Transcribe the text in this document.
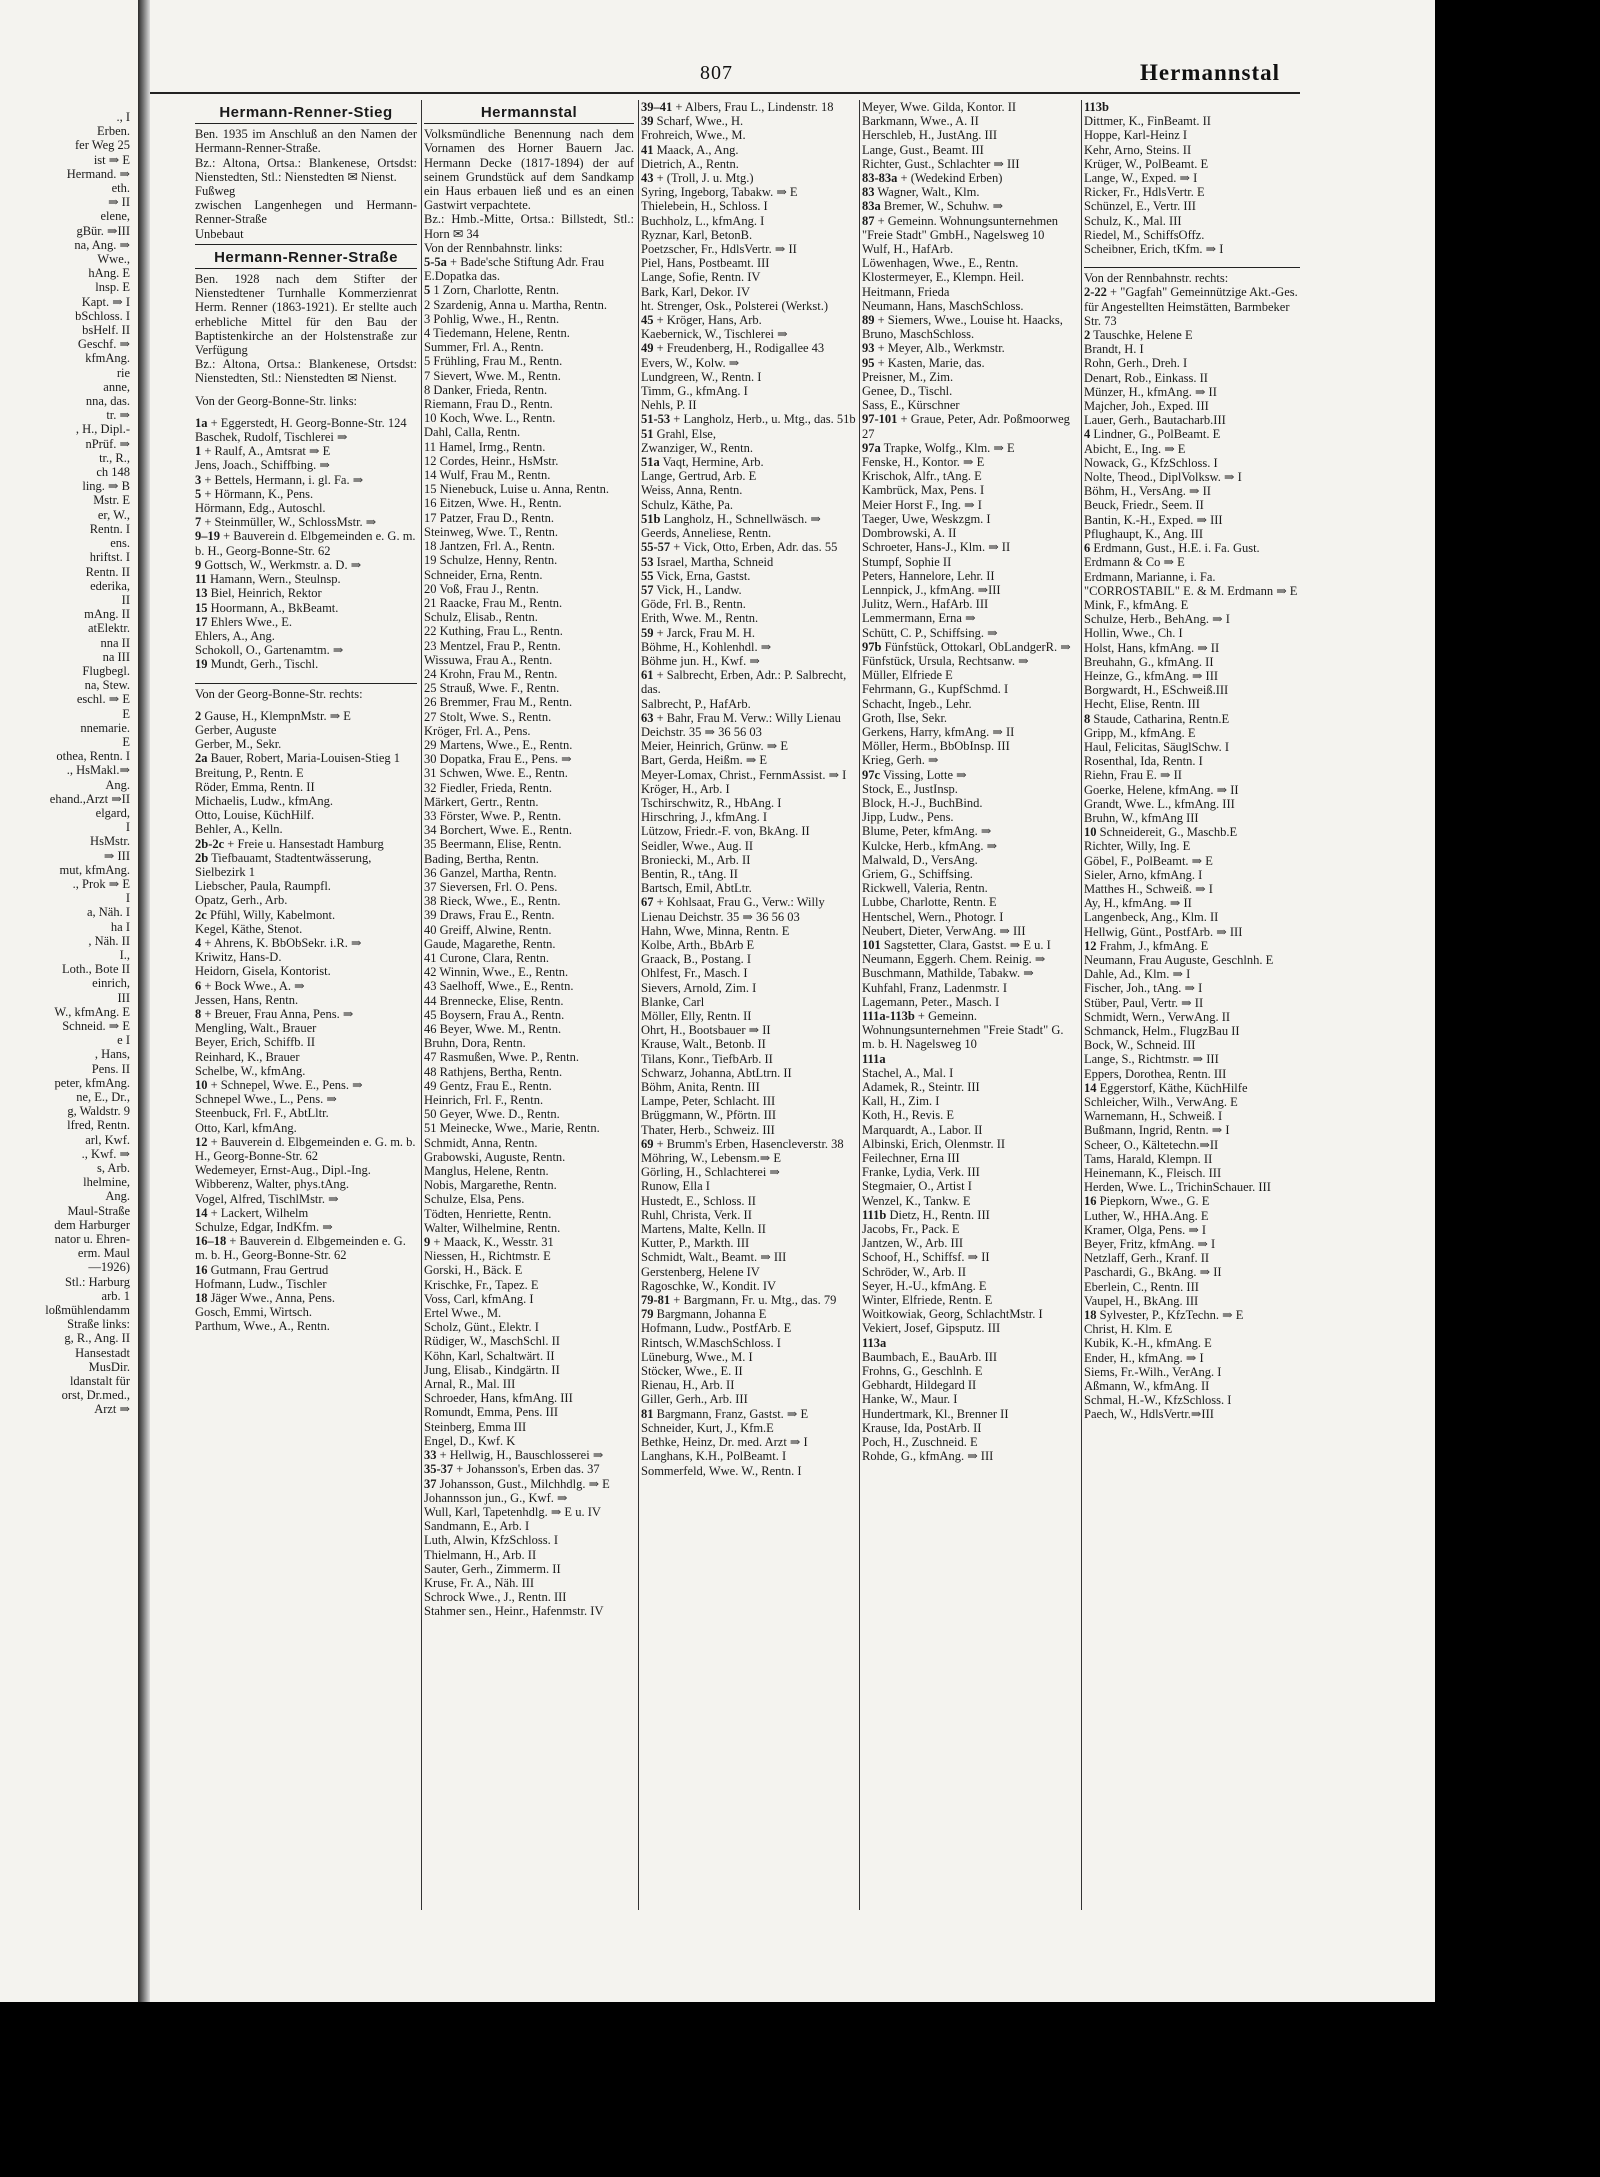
807	Hermannstal

., I

Erben.

fer Weg 25

ist ⇒ E

Hermand. ⇒

eth.

⇒ II

elene,

gBür. ⇒III

na, Ang. ⇒

Wwe.,

hAng. E

lnsp. E

Kapt. ⇒ I

bSchloss. I

bsHelf. II

Geschf. ⇒

kfmAng.

rie

anne,

nna, das.

tr. ⇒

, H., Dipl.-

nPrüf. ⇒

tr., R.,

ch 148

ling. ⇒ B

Mstr. E

er, W.,

Rentn. I

ens.

hriftst. I

Rentn. II

ederika,

II

mAng. II

atElektr.

nna II

na III

Flugbegl.

na, Stew.

eschl. ⇒ E

E

nnemarie.

E

othea, Rentn. I

., HsMakl.⇒

Ang.

ehand.,Arzt ⇒II

elgard,

I

HsMstr.

⇒ III

mut, kfmAng.

., Prok ⇒ E

I

a, Näh. I

ha I

, Näh. II

I.,

Loth., Bote II

einrich,

III

W., kfmAng. E

Schneid. ⇒ E

e I

, Hans,

Pens. II

peter, kfmAng.

ne, E., Dr.,

g, Waldstr. 9

lfred, Rentn.

arl, Kwf.

., Kwf. ⇒

s, Arb.

lhelmine,

Ang.

Maul-Straße

dem Harburger

nator u. Ehren-

erm. Maul

—1926)

Stl.: Harburg

arb. 1

loßmühlendamm

Straße links:

g, R., Ang. II

Hansestadt

MusDir.

ldanstalt für

orst, Dr.med.,

Arzt ⇒

Hermann-Renner-Stieg

Ben. 1935 im Anschluß an den Namen der Hermann-Renner-Straße.

Bz.: Altona, Ortsa.: Blankenese, Ortsdst: Nienstedten, Stl.: Nienstedten ✉ Nienst.

Fußweg

zwischen Langenhegen und Hermann-Renner-Straße

Unbebaut

Hermann-Renner-Straße

Ben. 1928 nach dem Stifter der Nienstedtener Turnhalle Kommerzienrat Herm. Renner (1863-1921). Er stellte auch erhebliche Mittel für den Bau der Baptistenkirche an der Holstenstraße zur Verfügung

Bz.: Altona, Ortsa.: Blankenese, Ortsdst: Nienstedten, Stl.: Nienstedten ✉ Nienst.

Von der Georg-Bonne-Str. links:

1a + Eggerstedt, H. Georg-Bonne-Str. 124

Baschek, Rudolf, Tischlerei ⇒

1 + Raulf, A., Amtsrat ⇒ E

Jens, Joach., Schiffbing. ⇒

3 + Bettels, Hermann, i. gl. Fa. ⇒

5 + Hörmann, K., Pens.

Hörmann, Edg., Autoschl.

7 + Steinmüller, W., SchlossMstr. ⇒

9–19 + Bauverein d. Elbgemeinden e. G. m. b. H., Georg-Bonne-Str. 62

9 Gottsch, W., Werkmstr. a. D. ⇒

11 Hamann, Wern., Steulnsp.

13 Biel, Heinrich, Rektor

15 Hoormann, A., BkBeamt.

17 Ehlers Wwe., E.

Ehlers, A., Ang.

Schokoll, O., Gartenamtm. ⇒

19 Mundt, Gerh., Tischl.

Von der Georg-Bonne-Str. rechts:

2 Gause, H., KlempnMstr. ⇒ E

Gerber, Auguste

Gerber, M., Sekr.

2a Bauer, Robert, Maria-Louisen-Stieg 1

Breitung, P., Rentn. E

Röder, Emma, Rentn. II

Michaelis, Ludw., kfmAng.

Otto, Louise, KüchHilf.

Behler, A., Kelln.

2b-2c + Freie u. Hansestadt Hamburg

2b Tiefbauamt, Stadtentwässerung, Sielbezirk 1

Liebscher, Paula, Raumpfl.

Opatz, Gerh., Arb.

2c Pfühl, Willy, Kabelmont.

Kegel, Käthe, Stenot.

4 + Ahrens, K. BbObSekr. i.R. ⇒

Kriwitz, Hans-D.

Heidorn, Gisela, Kontorist.

6 + Bock Wwe., A. ⇒

Jessen, Hans, Rentn.

8 + Breuer, Frau Anna, Pens. ⇒

Mengling, Walt., Brauer

Beyer, Erich, Schiffb. II

Reinhard, K., Brauer

Schelbe, W., kfmAng.

10 + Schnepel, Wwe. E., Pens. ⇒

Schnepel Wwe., L., Pens. ⇒

Steenbuck, Frl. F., AbtLltr.

Otto, Karl, kfmAng.

12 + Bauverein d. Elbgemeinden e. G. m. b. H., Georg-Bonne-Str. 62

Wedemeyer, Ernst-Aug., Dipl.-Ing.

Wibberenz, Walter, phys.tAng.

Vogel, Alfred, TischlMstr. ⇒

14 + Lackert, Wilhelm

Schulze, Edgar, IndKfm. ⇒

16–18 + Bauverein d. Elbgemeinden e. G. m. b. H., Georg-Bonne-Str. 62

16 Gutmann, Frau Gertrud

Hofmann, Ludw., Tischler

18 Jäger Wwe., Anna, Pens.

Gosch, Emmi, Wirtsch.

Parthum, Wwe., A., Rentn.

Hermannstal

Volksmündliche Benennung nach dem Vornamen des Horner Bauern Jac. Hermann Decke (1817-1894) der auf seinem Grundstück auf dem Sandkamp ein Haus erbauen ließ und es an einen Gastwirt verpachtete.

Bz.: Hmb.-Mitte, Ortsa.: Billstedt, Stl.: Horn ✉ 34

Von der Rennbahnstr. links:

5-5a + Bade'sche Stiftung Adr. Frau E.Dopatka das.

5 1 Zorn, Charlotte, Rentn.

2 Szardenig, Anna u. Martha, Rentn.

3 Pohlig, Wwe., H., Rentn.

4 Tiedemann, Helene, Rentn.

Summer, Frl. A., Rentn.

5 Frühling, Frau M., Rentn.

7 Sievert, Wwe. M., Rentn.

8 Danker, Frieda, Rentn.

Riemann, Frau D., Rentn.

10 Koch, Wwe. L., Rentn.

Dahl, Calla, Rentn.

11 Hamel, Irmg., Rentn.

12 Cordes, Heinr., HsMstr.

14 Wulf, Frau M., Rentn.

15 Nienebuck, Luise u. Anna, Rentn.

16 Eitzen, Wwe. H., Rentn.

17 Patzer, Frau D., Rentn.

Steinweg, Wwe. T., Rentn.

18 Jantzen, Frl. A., Rentn.

19 Schulze, Henny, Rentn.

Schneider, Erna, Rentn.

20 Voß, Frau J., Rentn.

21 Raacke, Frau M., Rentn.

Schulz, Elisab., Rentn.

22 Kuthing, Frau L., Rentn.

23 Mentzel, Frau P., Rentn.

Wissuwa, Frau A., Rentn.

24 Krohn, Frau M., Rentn.

25 Strauß, Wwe. F., Rentn.

26 Bremmer, Frau M., Rentn.

27 Stolt, Wwe. S., Rentn.

Kröger, Frl. A., Pens.

29 Martens, Wwe., E., Rentn.

30 Dopatka, Frau E., Pens. ⇒

31 Schwen, Wwe. E., Rentn.

32 Fiedler, Frieda, Rentn.

Märkert, Gertr., Rentn.

33 Förster, Wwe. P., Rentn.

34 Borchert, Wwe. E., Rentn.

35 Beermann, Elise, Rentn.

Bading, Bertha, Rentn.

36 Ganzel, Martha, Rentn.

37 Sieversen, Frl. O. Pens.

38 Rieck, Wwe., E., Rentn.

39 Draws, Frau E., Rentn.

40 Greiff, Alwine, Rentn.

Gaude, Magarethe, Rentn.

41 Curone, Clara, Rentn.

42 Winnin, Wwe., E., Rentn.

43 Saelhoff, Wwe., E., Rentn.

44 Brennecke, Elise, Rentn.

45 Boysern, Frau A., Rentn.

46 Beyer, Wwe. M., Rentn.

Bruhn, Dora, Rentn.

47 Rasmußen, Wwe. P., Rentn.

48 Rathjens, Bertha, Rentn.

49 Gentz, Frau E., Rentn.

Heinrich, Frl. F., Rentn.

50 Geyer, Wwe. D., Rentn.

51 Meinecke, Wwe., Marie, Rentn.

Schmidt, Anna, Rentn.

Grabowski, Auguste, Rentn.

Manglus, Helene, Rentn.

Nobis, Margarethe, Rentn.

Schulze, Elsa, Pens.

Tödten, Henriette, Rentn.

Walter, Wilhelmine, Rentn.

9 + Maack, K., Wesstr. 31

Niessen, H., Richtmstr. E

Gorski, H., Bäck. E

Krischke, Fr., Tapez. E

Voss, Carl, kfmAng. I

Ertel Wwe., M.

Scholz, Günt., Elektr. I

Rüdiger, W., MaschSchl. II

Köhn, Karl, Schaltwärt. II

Jung, Elisab., Kindgärtn. II

Arnal, R., Mal. III

Schroeder, Hans, kfmAng. III

Romundt, Emma, Pens. III

Steinberg, Emma III

Engel, D., Kwf. K

33 + Hellwig, H., Bauschlosserei ⇒

35-37 + Johansson's, Erben das. 37

37 Johansson, Gust., Milchhdlg. ⇒ E

Johannsson jun., G., Kwf. ⇒

Wull, Karl, Tapetenhdlg. ⇒ E u. IV

Sandmann, E., Arb. I

Luth, Alwin, KfzSchloss. I

Thielmann, H., Arb. II

Sauter, Gerh., Zimmerm. II

Kruse, Fr. A., Näh. III

Schrock Wwe., J., Rentn. III

Stahmer sen., Heinr., Hafenmstr. IV

39–41 + Albers, Frau L., Lindenstr. 18

39 Scharf, Wwe., H.

Frohreich, Wwe., M.

41 Maack, A., Ang.

Dietrich, A., Rentn.

43 + (Troll, J. u. Mtg.)

Syring, Ingeborg, Tabakw. ⇒ E

Thielebein, H., Schloss. I

Buchholz, L., kfmAng. I

Ryznar, Karl, BetonB.

Poetzscher, Fr., HdlsVertr. ⇒ II

Piel, Hans, Postbeamt. III

Lange, Sofie, Rentn. IV

Bark, Karl, Dekor. IV

ht. Strenger, Osk., Polsterei (Werkst.)

45 + Kröger, Hans, Arb.

Kaebernick, W., Tischlerei ⇒

49 + Freudenberg, H., Rodigallee 43

Evers, W., Kolw. ⇒

Lundgreen, W., Rentn. I

Timm, G., kfmAng. I

Nehls, P. II

51-53 + Langholz, Herb., u. Mtg., das. 51b

51 Grahl, Else,

Zwanziger, W., Rentn.

51a Vaqt, Hermine, Arb.

Lange, Gertrud, Arb. E

Weiss, Anna, Rentn.

Schulz, Käthe, Pa.

51b Langholz, H., Schnellwäsch. ⇒

Geerds, Anneliese, Rentn.

55-57 + Vick, Otto, Erben, Adr. das. 55

53 Israel, Martha, Schneid

55 Vick, Erna, Gastst.

57 Vick, H., Landw.

Göde, Frl. B., Rentn.

Erith, Wwe. M., Rentn.

59 + Jarck, Frau M. H.

Böhme, H., Kohlenhdl. ⇒

Böhme jun. H., Kwf. ⇒

61 + Salbrecht, Erben, Adr.: P. Salbrecht, das.

Salbrecht, P., HafArb.

63 + Bahr, Frau M. Verw.: Willy Lienau Deichstr. 35 ⇒ 36 56 03

Meier, Heinrich, Grünw. ⇒ E

Bart, Gerda, Heißm. ⇒ E

Meyer-Lomax, Christ., FernmAssist. ⇒ I

Kröger, H., Arb. I

Tschirschwitz, R., HbAng. I

Hirschring, J., kfmAng. I

Lützow, Friedr.-F. von, BkAng. II

Seidler, Wwe., Aug. II

Broniecki, M., Arb. II

Bentin, R., tAng. II

Bartsch, Emil, AbtLtr.

67 + Kohlsaat, Frau G., Verw.: Willy Lienau Deichstr. 35 ⇒ 36 56 03

Hahn, Wwe, Minna, Rentn. E

Kolbe, Arth., BbArb E

Graack, B., Postang. I

Ohlfest, Fr., Masch. I

Sievers, Arnold, Zim. I

Blanke, Carl

Möller, Elly, Rentn. II

Ohrt, H., Bootsbauer ⇒ II

Krause, Walt., Betonb. II

Tilans, Konr., TiefbArb. II

Schwarz, Johanna, AbtLtrn. II

Böhm, Anita, Rentn. III

Lampe, Peter, Schlacht. III

Brüggmann, W., Pförtn. III

Thater, Herb., Schweiz. III

69 + Brumm's Erben, Hasencleverstr. 38

Möhring, W., Lebensm.⇒ E

Görling, H., Schlachterei ⇒

Runow, Ella I

Hustedt, E., Schloss. II

Ruhl, Christa, Verk. II

Martens, Malte, Kelln. II

Kutter, P., Markth. III

Schmidt, Walt., Beamt. ⇒ III

Gerstenberg, Helene IV

Ragoschke, W., Kondit. IV

79-81 + Bargmann, Fr. u. Mtg., das. 79

79 Bargmann, Johanna E

Hofmann, Ludw., PostfArb. E

Rintsch, W.MaschSchloss. I

Lüneburg, Wwe., M. I

Stöcker, Wwe., E. II

Rienau, H., Arb. II

Giller, Gerh., Arb. III

81 Bargmann, Franz, Gastst. ⇒ E

Schneider, Kurt, J., Kfm.E

Bethke, Heinz, Dr. med. Arzt ⇒ I

Langhans, K.H., PolBeamt. I

Sommerfeld, Wwe. W., Rentn. I

Meyer, Wwe. Gilda, Kontor. II

Barkmann, Wwe., A. II

Herschleb, H., JustAng. III

Lange, Gust., Beamt. III

Richter, Gust., Schlachter ⇒ III

83-83a + (Wedekind Erben)

83 Wagner, Walt., Klm.

83a Bremer, W., Schuhw. ⇒

87 + Gemeinn. Wohnungsunternehmen "Freie Stadt" GmbH., Nagelsweg 10

Wulf, H., HafArb.

Löwenhagen, Wwe., E., Rentn.

Klostermeyer, E., Klempn. Heil.

Heitmann, Frieda

Neumann, Hans, MaschSchloss.

89 + Siemers, Wwe., Louise ht. Haacks, Bruno, MaschSchloss.

93 + Meyer, Alb., Werkmstr.

95 + Kasten, Marie, das.

Preisner, M., Zim.

Genee, D., Tischl.

Sass, E., Kürschner

97-101 + Graue, Peter, Adr. Poßmoorweg 27

97a Trapke, Wolfg., Klm. ⇒ E

Fenske, H., Kontor. ⇒ E

Krischok, Alfr., tAng. E

Kambrück, Max, Pens. I

Meier Horst F., Ing. ⇒ I

Taeger, Uwe, Weskzgm. I

Dombrowski, A. II

Schroeter, Hans-J., Klm. ⇒ II

Stumpf, Sophie II

Peters, Hannelore, Lehr. II

Lennpick, J., kfmAng. ⇒III

Julitz, Wern., HafArb. III

Lemmermann, Erna ⇒

Schütt, C. P., Schiffsing. ⇒

97b Fünfstück, Ottokarl, ObLandgerR. ⇒

Fünfstück, Ursula, Rechtsanw. ⇒

Müller, Elfriede E

Fehrmann, G., KupfSchmd. I

Schacht, Ingeb., Lehr.

Groth, Ilse, Sekr.

Gerkens, Harry, kfmAng. ⇒ II

Möller, Herm., BbObInsp. III

Krieg, Gerh. ⇒

97c Vissing, Lotte ⇒

Stock, E., JustInsp.

Block, H.-J., BuchBind.

Jipp, Ludw., Pens.

Blume, Peter, kfmAng. ⇒

Kulcke, Herb., kfmAng. ⇒

Malwald, D., VersAng.

Griem, G., Schiffsing.

Rickwell, Valeria, Rentn.

Lubbe, Charlotte, Rentn. E

Hentschel, Wern., Photogr. I

Neubert, Dieter, VerwAng. ⇒ III

101 Sagstetter, Clara, Gastst. ⇒ E u. I

Neumann, Eggerh. Chem. Reinig. ⇒

Buschmann, Mathilde, Tabakw. ⇒

Kuhfahl, Franz, Ladenmstr. I

Lagemann, Peter., Masch. I

111a-113b + Gemeinn. Wohnungsunternehmen "Freie Stadt" G. m. b. H. Nagelsweg 10

111a

Stachel, A., Mal. I

Adamek, R., Steintr. III

Kall, H., Zim. I

Koth, H., Revis. E

Marquardt, A., Labor. II

Albinski, Erich, Olenmstr. II

Feilechner, Erna III

Franke, Lydia, Verk. III

Stegmaier, O., Artist I

Wenzel, K., Tankw. E

111b Dietz, H., Rentn. III

Jacobs, Fr., Pack. E

Jantzen, W., Arb. III

Schoof, H., Schiffsf. ⇒ II

Schröder, W., Arb. II

Seyer, H.-U., kfmAng. E

Winter, Elfriede, Rentn. E

Woitkowiak, Georg, SchlachtMstr. I

Vekiert, Josef, Gipsputz. III

113a

Baumbach, E., BauArb. III

Frohns, G., Geschlnh. E

Gebhardt, Hildegard II

Hanke, W., Maur. I

Hundertmark, Kl., Brenner II

Krause, Ida, PostArb. II

Poch, H., Zuschneid. E

Rohde, G., kfmAng. ⇒ III

113b

Dittmer, K., FinBeamt. II

Hoppe, Karl-Heinz I

Kehr, Arno, Steins. II

Krüger, W., PolBeamt. E

Lange, W., Exped. ⇒ I

Ricker, Fr., HdlsVertr. E

Schünzel, E., Vertr. III

Schulz, K., Mal. III

Riedel, M., SchiffsOffz.

Scheibner, Erich, tKfm. ⇒ I

Von der Rennbahnstr. rechts:

2-22 + "Gagfah" Gemeinnützige Akt.-Ges. für Angestellten Heimstätten, Barmbeker Str. 73

2 Tauschke, Helene E

Brandt, H. I

Rohn, Gerh., Dreh. I

Denart, Rob., Einkass. II

Münzer, H., kfmAng. ⇒ II

Majcher, Joh., Exped. III

Lauer, Gerh., Bautacharb.III

4 Lindner, G., PolBeamt. E

Abicht, E., Ing. ⇒ E

Nowack, G., KfzSchloss. I

Nolte, Theod., DiplVolksw. ⇒ I

Böhm, H., VersAng. ⇒ II

Beuck, Friedr., Seem. II

Bantin, K.-H., Exped. ⇒ III

Pflughaupt, K., Ang. III

6 Erdmann, Gust., H.E. i. Fa. Gust. Erdmann & Co ⇒ E

Erdmann, Marianne, i. Fa. "CORROSTABIL" E. & M. Erdmann ⇒ E

Mink, F., kfmAng. E

Schulze, Herb., BehAng. ⇒ I

Hollin, Wwe., Ch. I

Holst, Hans, kfmAng. ⇒ II

Breuhahn, G., kfmAng. II

Heinze, G., kfmAng. ⇒ III

Borgwardt, H., ESchweiß.III

Hecht, Elise, Rentn. III

8 Staude, Catharina, Rentn.E

Gripp, M., kfmAng. E

Haul, Felicitas, SäuglSchw. I

Rosenthal, Ida, Rentn. I

Riehn, Frau E. ⇒ II

Goerke, Helene, kfmAng. ⇒ II

Grandt, Wwe. L., kfmAng. III

Bruhn, W., kfmAng III

10 Schneidereit, G., Maschb.E

Richter, Willy, Ing. E

Göbel, F., PolBeamt. ⇒ E

Sieler, Arno, kfmAng. I

Matthes H., Schweiß. ⇒ I

Ay, H., kfmAng. ⇒ II

Langenbeck, Ang., Klm. II

Hellwig, Günt., PostfArb. ⇒ III

12 Frahm, J., kfmAng. E

Neumann, Frau Auguste, Geschlnh. E

Dahle, Ad., Klm. ⇒ I

Fischer, Joh., tAng. ⇒ I

Stüber, Paul, Vertr. ⇒ II

Schmidt, Wern., VerwAng. II

Schmanck, Helm., FlugzBau II

Bock, W., Schneid. III

Lange, S., Richtmstr. ⇒ III

Eppers, Dorothea, Rentn. III

14 Eggerstorf, Käthe, KüchHilfe

Schleicher, Wilh., VerwAng. E

Warnemann, H., Schweiß. I

Bußmann, Ingrid, Rentn. ⇒ I

Scheer, O., Kältetechn.⇒II

Tams, Harald, Klempn. II

Heinemann, K., Fleisch. III

Herden, Wwe. L., TrichinSchauer. III

16 Piepkorn, Wwe., G. E

Luther, W., HHA.Ang. E

Kramer, Olga, Pens. ⇒ I

Beyer, Fritz, kfmAng. ⇒ I

Netzlaff, Gerh., Kranf. II

Paschardi, G., BkAng. ⇒ II

Eberlein, C., Rentn. III

Vaupel, H., BkAng. III

18 Sylvester, P., KfzTechn. ⇒ E

Christ, H. Klm. E

Kubik, K.-H., kfmAng. E

Ender, H., kfmAng. ⇒ I

Siems, Fr.-Wilh., VerAng. I

Aßmann, W., kfmAng. II

Schmal, H.-W., KfzSchloss. I

Paech, W., HdlsVertr.⇒III
